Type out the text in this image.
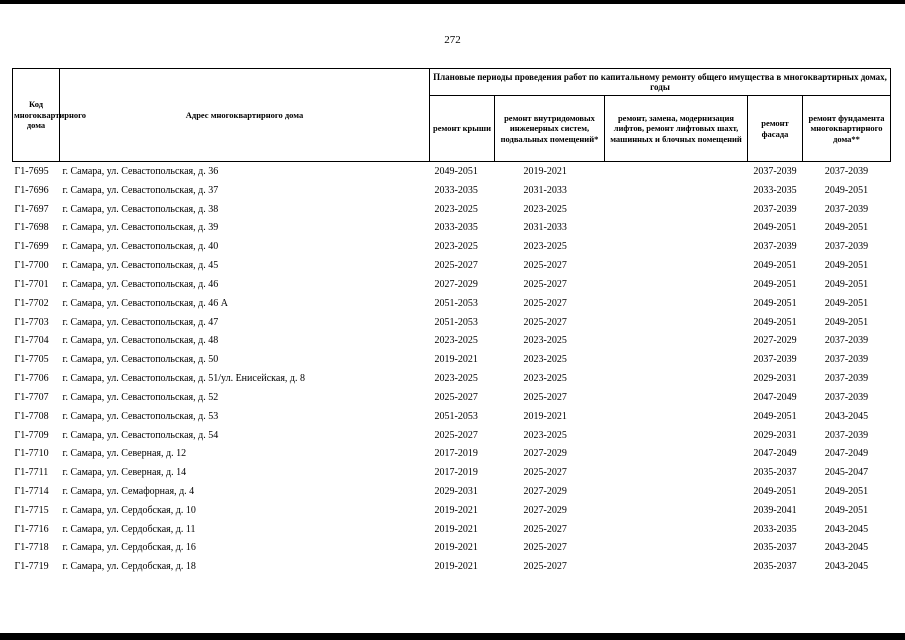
272
Код многоквартирного дома	Адрес многоквартирного дома	Плановые периоды проведения работ по капитальному ремонту общего имущества в многоквартирных домах, годы				
		ремонт крыши	ремонт внутридомовых инженерных систем, подвальных помещений*	ремонт, замена, модернизация лифтов, ремонт лифтовых шахт, машинных и блочных помещений	ремонт фасада	ремонт фундамента многоквартирного дома**
Г1-7695	г. Самара, ул. Севастопольская, д. 36	2049-2051	2019-2021		2037-2039	2037-2039
Г1-7696	г. Самара, ул. Севастопольская, д. 37	2033-2035	2031-2033		2033-2035	2049-2051
Г1-7697	г. Самара, ул. Севастопольская, д. 38	2023-2025	2023-2025		2037-2039	2037-2039
Г1-7698	г. Самара, ул. Севастопольская, д. 39	2033-2035	2031-2033		2049-2051	2049-2051
Г1-7699	г. Самара, ул. Севастопольская, д. 40	2023-2025	2023-2025		2037-2039	2037-2039
Г1-7700	г. Самара, ул. Севастопольская, д. 45	2025-2027	2025-2027		2049-2051	2049-2051
Г1-7701	г. Самара, ул. Севастопольская, д. 46	2027-2029	2025-2027		2049-2051	2049-2051
Г1-7702	г. Самара, ул. Севастопольская, д. 46 А	2051-2053	2025-2027		2049-2051	2049-2051
Г1-7703	г. Самара, ул. Севастопольская, д. 47	2051-2053	2025-2027		2049-2051	2049-2051
Г1-7704	г. Самара, ул. Севастопольская, д. 48	2023-2025	2023-2025		2027-2029	2037-2039
Г1-7705	г. Самара, ул. Севастопольская, д. 50	2019-2021	2023-2025		2037-2039	2037-2039
Г1-7706	г. Самара, ул. Севастопольская, д. 51/ул. Енисейская, д. 8	2023-2025	2023-2025		2029-2031	2037-2039
Г1-7707	г. Самара, ул. Севастопольская, д. 52	2025-2027	2025-2027		2047-2049	2037-2039
Г1-7708	г. Самара, ул. Севастопольская, д. 53	2051-2053	2019-2021		2049-2051	2043-2045
Г1-7709	г. Самара, ул. Севастопольская, д. 54	2025-2027	2023-2025		2029-2031	2037-2039
Г1-7710	г. Самара, ул. Северная, д. 12	2017-2019	2027-2029		2047-2049	2047-2049
Г1-7711	г. Самара, ул. Северная, д. 14	2017-2019	2025-2027		2035-2037	2045-2047
Г1-7714	г. Самара, ул. Семафорная, д. 4	2029-2031	2027-2029		2049-2051	2049-2051
Г1-7715	г. Самара, ул. Сердобская, д. 10	2019-2021	2027-2029		2039-2041	2049-2051
Г1-7716	г. Самара, ул. Сердобская, д. 11	2019-2021	2025-2027		2033-2035	2043-2045
Г1-7718	г. Самара, ул. Сердобская, д. 16	2019-2021	2025-2027		2035-2037	2043-2045
Г1-7719	г. Самара, ул. Сердобская, д. 18	2019-2021	2025-2027		2035-2037	2043-2045
